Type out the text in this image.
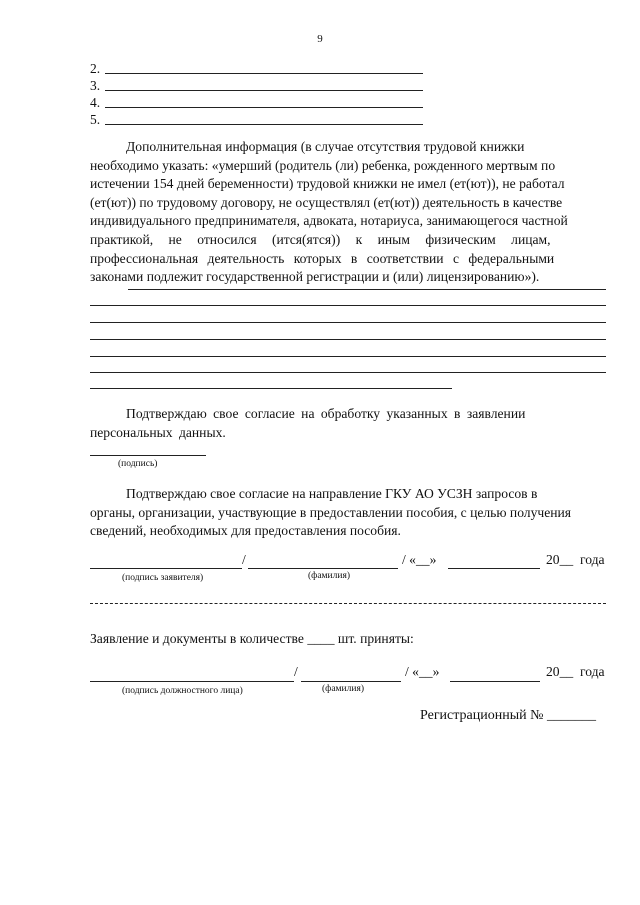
9
2.
3.
4.
5.

Дополнительная информация (в случае отсутствия трудовой книжки

необходимо указать: «умерший (родитель (ли) ребенка, рожденного мертвым по

истечении 154 дней беременности) трудовой книжки не имел (ет(ют)), не работал

(ет(ют)) по трудовому договору, не осуществлял (ет(ют)) деятельность в качестве

индивидуального предпринимателя, адвоката, нотариуса, занимающегося частной

практикой, не относился (итcя(ятся)) к иным физическим лицам,

профессиональная деятельность которых в соответствии с федеральными

законами подлежит государственной регистрации и (или) лицензированию»).

Подтверждаю свое согласие на обработку указанных в заявлении

персональных данных.

(подпись)

Подтверждаю свое согласие на направление ГКУ АО УСЗН запросов в

органы, организации, участвующие в предоставлении пособия, с целью получения

сведений, необходимых для предоставления пособия.

/	/ «__»	20__ года
(подпись заявителя)	(фамилия)
Заявление и документы в количестве ____ шт. приняты:
/	/ «__»	20__ года
(подпись должностного лица)	(фамилия)
Регистрационный № _______
